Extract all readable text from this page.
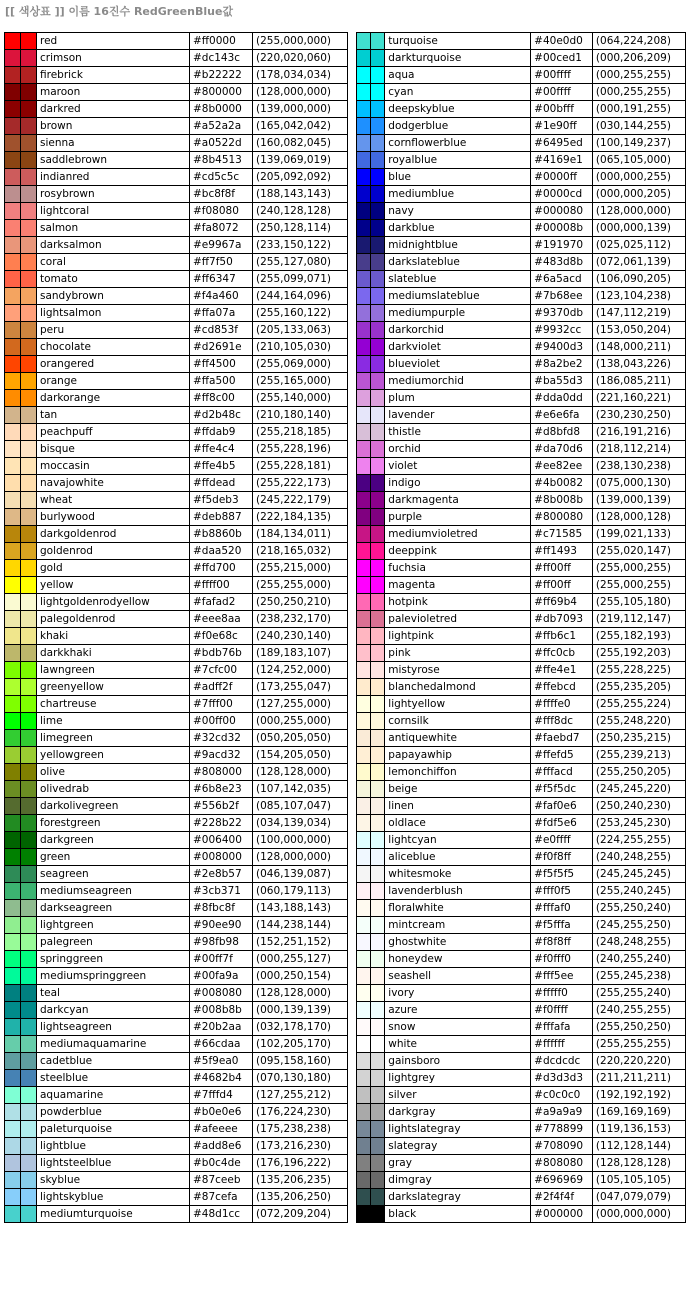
[[ 색상표 ]] 이름 16진수 RedGreenBlue값
		red	#ff0000	(255,000,000)
		crimson	#dc143c	(220,020,060)
		firebrick	#b22222	(178,034,034)
		maroon	#800000	(128,000,000)
		darkred	#8b0000	(139,000,000)
		brown	#a52a2a	(165,042,042)
		sienna	#a0522d	(160,082,045)
		saddlebrown	#8b4513	(139,069,019)
		indianred	#cd5c5c	(205,092,092)
		rosybrown	#bc8f8f	(188,143,143)
		lightcoral	#f08080	(240,128,128)
		salmon	#fa8072	(250,128,114)
		darksalmon	#e9967a	(233,150,122)
		coral	#ff7f50	(255,127,080)
		tomato	#ff6347	(255,099,071)
		sandybrown	#f4a460	(244,164,096)
		lightsalmon	#ffa07a	(255,160,122)
		peru	#cd853f	(205,133,063)
		chocolate	#d2691e	(210,105,030)
		orangered	#ff4500	(255,069,000)
		orange	#ffa500	(255,165,000)
		darkorange	#ff8c00	(255,140,000)
		tan	#d2b48c	(210,180,140)
		peachpuff	#ffdab9	(255,218,185)
		bisque	#ffe4c4	(255,228,196)
		moccasin	#ffe4b5	(255,228,181)
		navajowhite	#ffdead	(255,222,173)
		wheat	#f5deb3	(245,222,179)
		burlywood	#deb887	(222,184,135)
		darkgoldenrod	#b8860b	(184,134,011)
		goldenrod	#daa520	(218,165,032)
		gold	#ffd700	(255,215,000)
		yellow	#ffff00	(255,255,000)
		lightgoldenrodyellow	#fafad2	(250,250,210)
		palegoldenrod	#eee8aa	(238,232,170)
		khaki	#f0e68c	(240,230,140)
		darkkhaki	#bdb76b	(189,183,107)
		lawngreen	#7cfc00	(124,252,000)
		greenyellow	#adff2f	(173,255,047)
		chartreuse	#7fff00	(127,255,000)
		lime	#00ff00	(000,255,000)
		limegreen	#32cd32	(050,205,050)
		yellowgreen	#9acd32	(154,205,050)
		olive	#808000	(128,128,000)
		olivedrab	#6b8e23	(107,142,035)
		darkolivegreen	#556b2f	(085,107,047)
		forestgreen	#228b22	(034,139,034)
		darkgreen	#006400	(100,000,000)
		green	#008000	(128,000,000)
		seagreen	#2e8b57	(046,139,087)
		mediumseagreen	#3cb371	(060,179,113)
		darkseagreen	#8fbc8f	(143,188,143)
		lightgreen	#90ee90	(144,238,144)
		palegreen	#98fb98	(152,251,152)
		springgreen	#00ff7f	(000,255,127)
		mediumspringgreen	#00fa9a	(000,250,154)
		teal	#008080	(128,128,000)
		darkcyan	#008b8b	(000,139,139)
		lightseagreen	#20b2aa	(032,178,170)
		mediumaquamarine	#66cdaa	(102,205,170)
		cadetblue	#5f9ea0	(095,158,160)
		steelblue	#4682b4	(070,130,180)
		aquamarine	#7fffd4	(127,255,212)
		powderblue	#b0e0e6	(176,224,230)
		paleturquoise	#afeeee	(175,238,238)
		lightblue	#add8e6	(173,216,230)
		lightsteelblue	#b0c4de	(176,196,222)
		skyblue	#87ceeb	(135,206,235)
		lightskyblue	#87cefa	(135,206,250)
		mediumturquoise	#48d1cc	(072,209,204)
		turquoise	#40e0d0	(064,224,208)
		darkturquoise	#00ced1	(000,206,209)
		aqua	#00ffff	(000,255,255)
		cyan	#00ffff	(000,255,255)
		deepskyblue	#00bfff	(000,191,255)
		dodgerblue	#1e90ff	(030,144,255)
		cornflowerblue	#6495ed	(100,149,237)
		royalblue	#4169e1	(065,105,000)
		blue	#0000ff	(000,000,255)
		mediumblue	#0000cd	(000,000,205)
		navy	#000080	(128,000,000)
		darkblue	#00008b	(000,000,139)
		midnightblue	#191970	(025,025,112)
		darkslateblue	#483d8b	(072,061,139)
		slateblue	#6a5acd	(106,090,205)
		mediumslateblue	#7b68ee	(123,104,238)
		mediumpurple	#9370db	(147,112,219)
		darkorchid	#9932cc	(153,050,204)
		darkviolet	#9400d3	(148,000,211)
		blueviolet	#8a2be2	(138,043,226)
		mediumorchid	#ba55d3	(186,085,211)
		plum	#dda0dd	(221,160,221)
		lavender	#e6e6fa	(230,230,250)
		thistle	#d8bfd8	(216,191,216)
		orchid	#da70d6	(218,112,214)
		violet	#ee82ee	(238,130,238)
		indigo	#4b0082	(075,000,130)
		darkmagenta	#8b008b	(139,000,139)
		purple	#800080	(128,000,128)
		mediumvioletred	#c71585	(199,021,133)
		deeppink	#ff1493	(255,020,147)
		fuchsia	#ff00ff	(255,000,255)
		magenta	#ff00ff	(255,000,255)
		hotpink	#ff69b4	(255,105,180)
		palevioletred	#db7093	(219,112,147)
		lightpink	#ffb6c1	(255,182,193)
		pink	#ffc0cb	(255,192,203)
		mistyrose	#ffe4e1	(255,228,225)
		blanchedalmond	#ffebcd	(255,235,205)
		lightyellow	#ffffe0	(255,255,224)
		cornsilk	#fff8dc	(255,248,220)
		antiquewhite	#faebd7	(250,235,215)
		papayawhip	#ffefd5	(255,239,213)
		lemonchiffon	#fffacd	(255,250,205)
		beige	#f5f5dc	(245,245,220)
		linen	#faf0e6	(250,240,230)
		oldlace	#fdf5e6	(253,245,230)
		lightcyan	#e0ffff	(224,255,255)
		aliceblue	#f0f8ff	(240,248,255)
		whitesmoke	#f5f5f5	(245,245,245)
		lavenderblush	#fff0f5	(255,240,245)
		floralwhite	#fffaf0	(255,250,240)
		mintcream	#f5fffa	(245,255,250)
		ghostwhite	#f8f8ff	(248,248,255)
		honeydew	#f0fff0	(240,255,240)
		seashell	#fff5ee	(255,245,238)
		ivory	#fffff0	(255,255,240)
		azure	#f0ffff	(240,255,255)
		snow	#fffafa	(255,250,250)
		white	#ffffff	(255,255,255)
		gainsboro	#dcdcdc	(220,220,220)
		lightgrey	#d3d3d3	(211,211,211)
		silver	#c0c0c0	(192,192,192)
		darkgray	#a9a9a9	(169,169,169)
		lightslategray	#778899	(119,136,153)
		slategray	#708090	(112,128,144)
		gray	#808080	(128,128,128)
		dimgray	#696969	(105,105,105)
		darkslategray	#2f4f4f	(047,079,079)
		black	#000000	(000,000,000)
